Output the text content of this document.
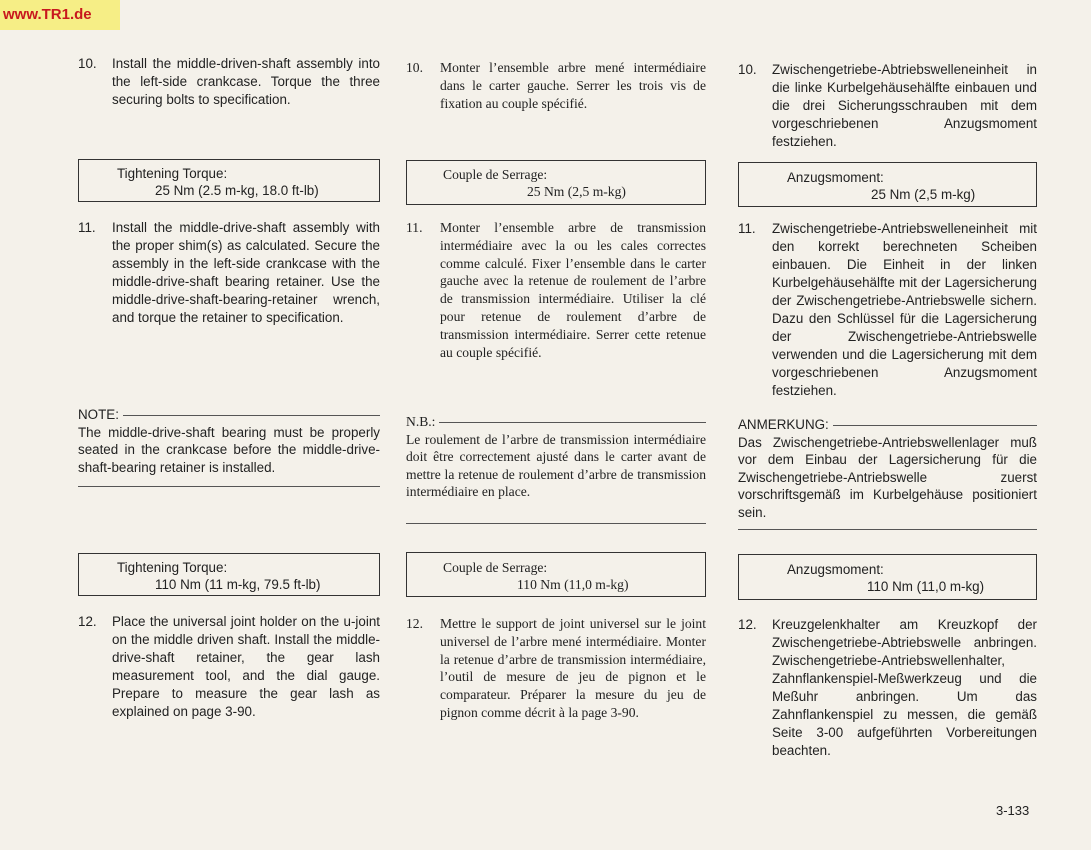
www.TR1.de
10. Install the middle-driven-shaft assembly into the left-side crankcase. Torque the three securing bolts to specification.
Tightening Torque:
25 Nm (2.5 m-kg, 18.0 ft-lb)
11. Install the middle-drive-shaft assembly with the proper shim(s) as calculated. Secure the assembly in the left-side crankcase with the middle-drive-shaft bearing retainer. Use the middle-drive-shaft-bearing-retainer wrench, and torque the retainer to specification.
NOTE:
The middle-drive-shaft bearing must be properly seated in the crankcase before the middle-drive-shaft-bearing retainer is installed.
Tightening Torque:
110 Nm (11 m-kg, 79.5 ft-lb)
12. Place the universal joint holder on the u-joint on the middle driven shaft. Install the middle-drive-shaft retainer, the gear lash measurement tool, and the dial gauge. Prepare to measure the gear lash as explained on page 3-90.
10. Monter l’ensemble arbre mené intermédiaire dans le carter gauche. Serrer les trois vis de fixation au couple spécifié.
Couple de Serrage:
25 Nm (2,5 m-kg)
11. Monter l’ensemble arbre de transmission intermédiaire avec la ou les cales correctes comme calculé. Fixer l’ensemble dans le carter gauche avec la retenue de roulement de l’arbre de transmission intermédiaire. Utiliser la clé pour retenue de roulement d’arbre de transmission intermédiaire. Serrer cette retenue au couple spécifié.
N.B.:
Le roulement de l’arbre de transmission intermédiaire doit être correctement ajusté dans le carter avant de mettre la retenue de roulement d’arbre de transmission intermédiaire en place.
Couple de Serrage:
110 Nm (11,0 m-kg)
12. Mettre le support de joint universel sur le joint universel de l’arbre mené intermédiaire. Monter la retenue d’arbre de transmission intermédiaire, l’outil de mesure de jeu de pignon et le comparateur. Préparer la mesure du jeu de pignon comme décrit à la page 3-90.
10. Zwischengetriebe-Abtriebswelleneinheit in die linke Kurbelgehäusehälfte einbauen und die drei Sicherungsschrauben mit dem vorgeschriebenen Anzugsmoment festziehen.
Anzugsmoment:
25 Nm (2,5 m-kg)
11. Zwischengetriebe-Antriebswelleneinheit mit den korrekt berechneten Scheiben einbauen. Die Einheit in der linken Kurbelgehäusehälfte mit der Lagersicherung der Zwischengetriebe-Antriebswelle sichern. Dazu den Schlüssel für die Lagersicherung der Zwischengetriebe-Antriebswelle verwenden und die Lagersicherung mit dem vorgeschriebenen Anzugsmoment festziehen.
ANMERKUNG:
Das Zwischengetriebe-Antriebswellenlager muß vor dem Einbau der Lagersicherung für die Zwischengetriebe-Antriebswelle zuerst vorschriftsgemäß im Kurbelgehäuse positioniert sein.
Anzugsmoment:
110 Nm (11,0 m-kg)
12. Kreuzgelenkhalter am Kreuzkopf der Zwischengetriebe-Abtriebswelle anbringen. Zwischengetriebe-Antriebswellenhalter, Zahnflankenspiel-Meßwerkzeug und die Meßuhr anbringen. Um das Zahnflankenspiel zu messen, die gemäß Seite 3-00 aufgeführten Vorbereitungen beachten.
3-133
